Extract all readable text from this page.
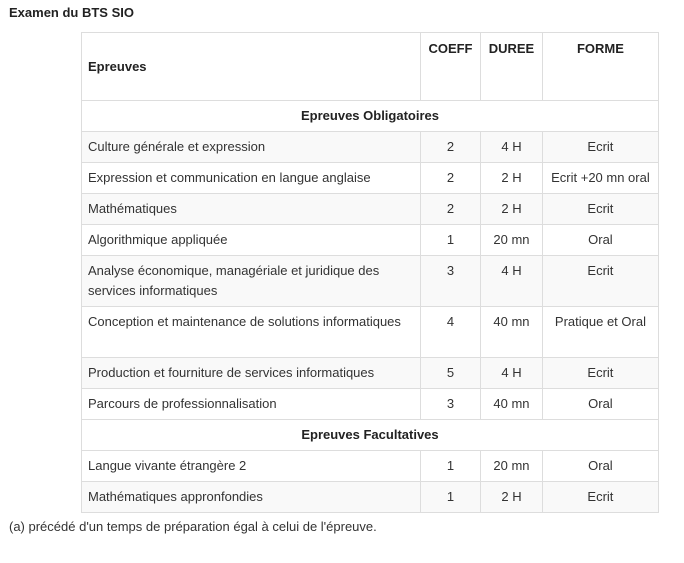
Examen du BTS SIO
Epreuves	COEFF	DUREE	FORME
Epreuves Obligatoires			
Culture générale et expression	2	4 H	Ecrit
Expression et communication en langue anglaise	2	2 H	Ecrit +20 mn oral
Mathématiques	2	2 H	Ecrit
Algorithmique appliquée	1	20 mn	Oral
Analyse économique, managériale et juridique des services informatiques	3	4 H	Ecrit
Conception et maintenance de solutions informatiques	4	40 mn	Pratique et Oral
Production et fourniture de services informatiques	5	4 H	Ecrit
Parcours de professionnalisation	3	40 mn	Oral
Epreuves Facultatives			
Langue vivante étrangère 2	1	20 mn	Oral
Mathématiques appronfondies	1	2 H	Ecrit
(a) précédé d'un temps de préparation égal à celui de l'épreuve.
